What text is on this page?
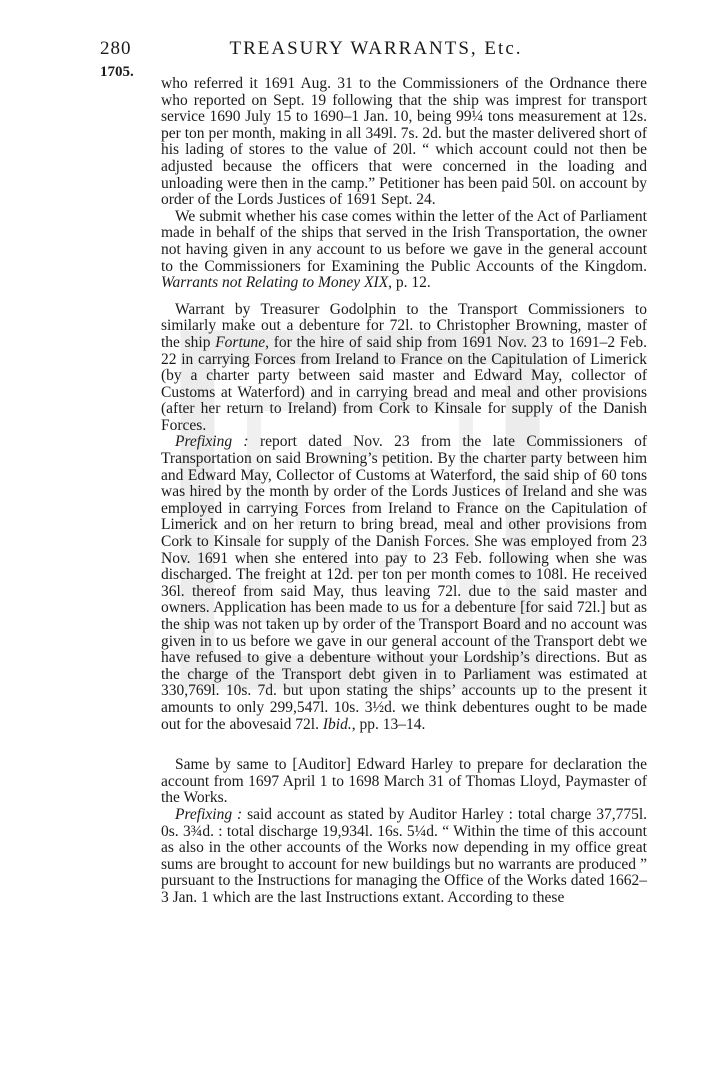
280	TREASURY WARRANTS, Etc.
1705.

who referred it 1691 Aug. 31 to the Commissioners of the Ordnance there who reported on Sept. 19 following that the ship was imprest for transport service 1690 July 15 to 1690–1 Jan. 10, being 99¼ tons measurement at 12s. per ton per month, making in all 349l. 7s. 2d. but the master delivered short of his lading of stores to the value of 20l. “ which account could not then be adjusted because the officers that were concerned in the loading and unloading were then in the camp.” Petitioner has been paid 50l. on account by order of the Lords Justices of 1691 Sept. 24.

We submit whether his case comes within the letter of the Act of Parliament made in behalf of the ships that served in the Irish Transportation, the owner not having given in any account to us before we gave in the general account to the Commissioners for Examining the Public Accounts of the Kingdom. Warrants not Relating to Money XIX, p. 12.

Warrant by Treasurer Godolphin to the Transport Commissioners to similarly make out a debenture for 72l. to Christopher Browning, master of the ship Fortune, for the hire of said ship from 1691 Nov. 23 to 1691–2 Feb. 22 in carrying Forces from Ireland to France on the Capitulation of Limerick (by a charter party between said master and Edward May, collector of Customs at Waterford) and in carrying bread and meal and other provisions (after her return to Ireland) from Cork to Kinsale for supply of the Danish Forces.

Prefixing : report dated Nov. 23 from the late Commissioners of Transportation on said Browning’s petition. By the charter party between him and Edward May, Collector of Customs at Waterford, the said ship of 60 tons was hired by the month by order of the Lords Justices of Ireland and she was employed in carrying Forces from Ireland to France on the Capitulation of Limerick and on her return to bring bread, meal and other provisions from Cork to Kinsale for supply of the Danish Forces. She was employed from 23 Nov. 1691 when she entered into pay to 23 Feb. following when she was discharged. The freight at 12d. per ton per month comes to 108l. He received 36l. thereof from said May, thus leaving 72l. due to the said master and owners. Application has been made to us for a debenture [for said 72l.] but as the ship was not taken up by order of the Transport Board and no account was given in to us before we gave in our general account of the Transport debt we have refused to give a debenture without your Lordship’s directions. But as the charge of the Transport debt given in to Parliament was estimated at 330,769l. 10s. 7d. but upon stating the ships’ accounts up to the present it amounts to only 299,547l. 10s. 3½d. we think debentures ought to be made out for the abovesaid 72l. Ibid., pp. 13–14.

Same by same to [Auditor] Edward Harley to prepare for declaration the account from 1697 April 1 to 1698 March 31 of Thomas Lloyd, Paymaster of the Works.

Prefixing : said account as stated by Auditor Harley : total charge 37,775l. 0s. 3¾d. : total discharge 19,934l. 16s. 5¼d. “ Within the time of this account as also in the other accounts of the Works now depending in my office great sums are brought to account for new buildings but no warrants are produced ” pursuant to the Instructions for managing the Office of the Works dated 1662–3 Jan. 1 which are the last Instructions extant. According to these
